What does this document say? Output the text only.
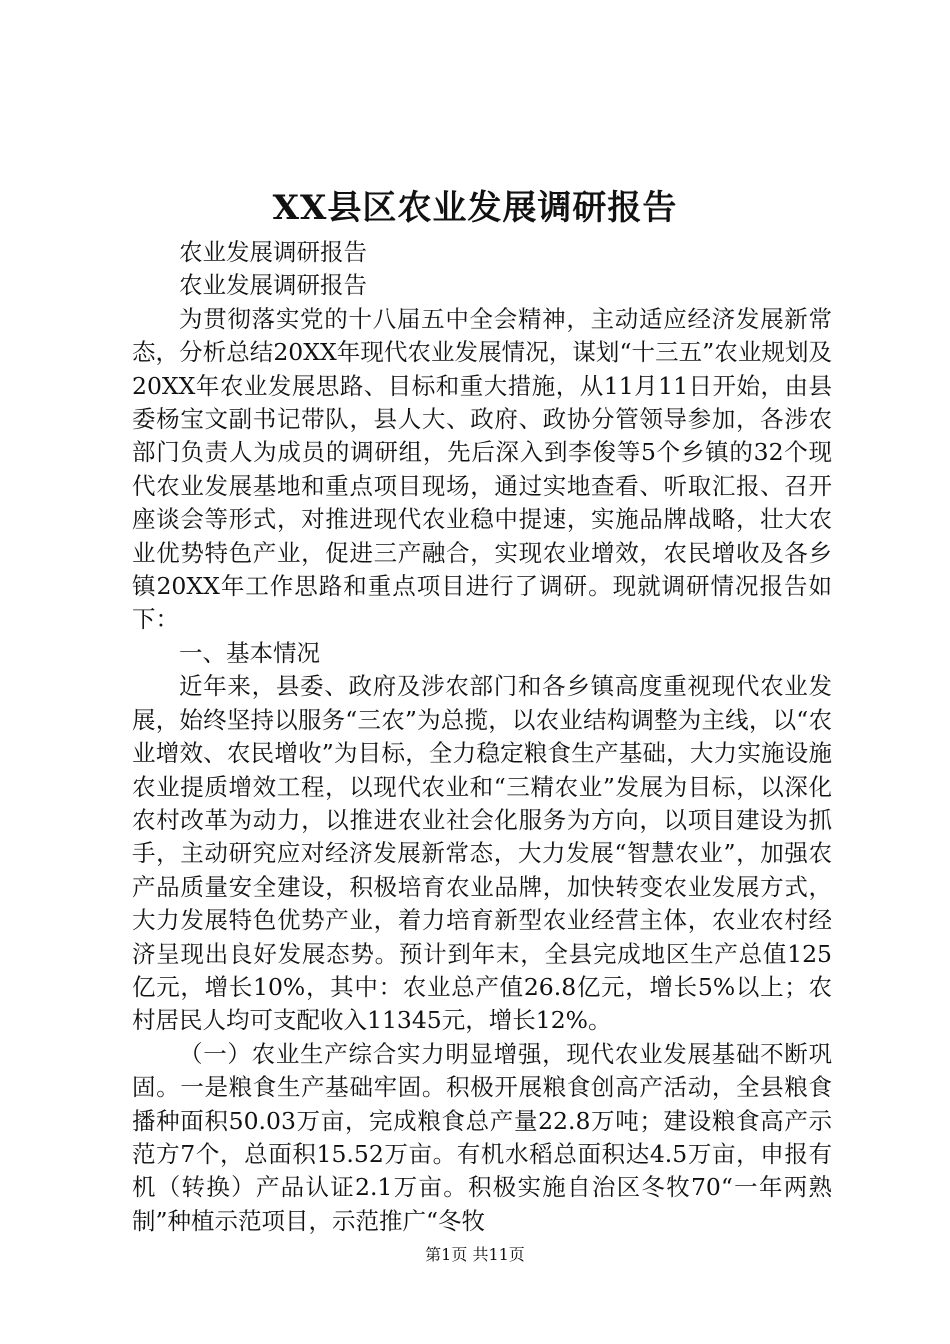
XX县区农业发展调研报告

农业发展调研报告

农业发展调研报告

为贯彻落实党的十八届五中全会精神，主动适应经济发展新常态，分析总结20XX年现代农业发展情况，谋划“十三五”农业规划及20XX年农业发展思路、目标和重大措施，从11月11日开始，由县委杨宝文副书记带队，县人大、政府、政协分管领导参加，各涉农部门负责人为成员的调研组，先后深入到李俊等5个乡镇的32个现代农业发展基地和重点项目现场，通过实地查看、听取汇报、召开座谈会等形式，对推进现代农业稳中提速，实施品牌战略，壮大农业优势特色产业，促进三产融合，实现农业增效，农民增收及各乡镇20XX年工作思路和重点项目进行了调研。现就调研情况报告如下：

一、基本情况

近年来，县委、政府及涉农部门和各乡镇高度重视现代农业发展，始终坚持以服务“三农”为总揽，以农业结构调整为主线，以“农业增效、农民增收”为目标，全力稳定粮食生产基础，大力实施设施农业提质增效工程，以现代农业和“三精农业”发展为目标，以深化农村改革为动力，以推进农业社会化服务为方向，以项目建设为抓手，主动研究应对经济发展新常态，大力发展“智慧农业”，加强农产品质量安全建设，积极培育农业品牌，加快转变农业发展方式，大力发展特色优势产业，着力培育新型农业经营主体，农业农村经济呈现出良好发展态势。预计到年末，全县完成地区生产总值125亿元，增长10%，其中：农业总产值26.8亿元，增长5%以上；农村居民人均可支配收入11345元，增长12%。

（一）农业生产综合实力明显增强，现代农业发展基础不断巩固。一是粮食生产基础牢固。积极开展粮食创高产活动，全县粮食播种面积50.03万亩，完成粮食总产量22.8万吨；建设粮食高产示范方7个，总面积15.52万亩。有机水稻总面积达4.5万亩，申报有机（转换）产品认证2.1万亩。积极实施自治区冬牧70“一年两熟制”种植示范项目，示范推广“冬牧

第1页 共11页
